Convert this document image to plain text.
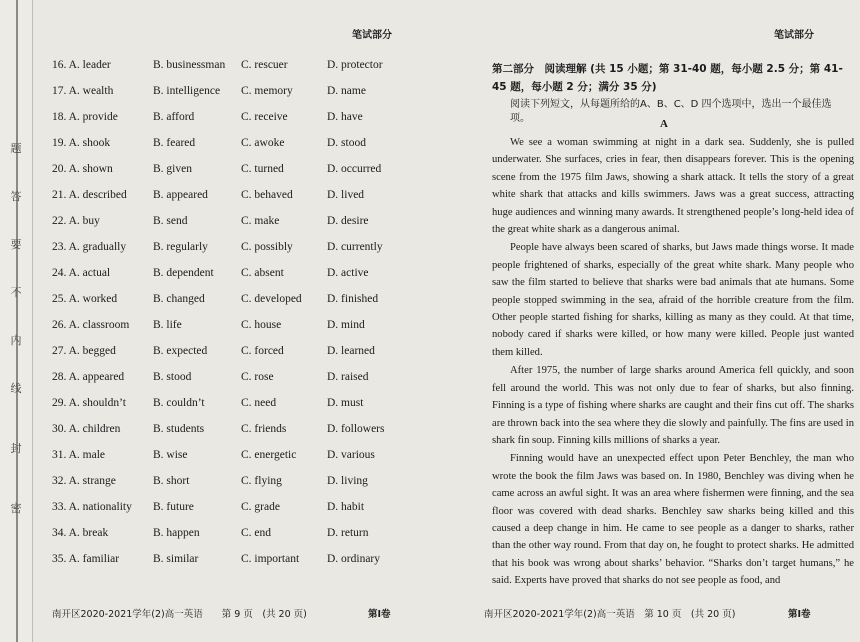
题
答
要
不
内
线
封
密
笔试部分
16. A. leader	B. businessman C. rescuer	D. protector
17. A. wealth	B. intelligence C. memory	D. name
18. A. provide	B. afford	C. receive	D. have
19. A. shook	B. feared	C. awoke	D. stood
20. A. shown	B. given	C. turned	D. occurred
21. A. described B. appeared	C. behaved	D. lived
22. A. buy	B. send	C. make	D. desire
23. A. gradually B. regularly	C. possibly	D. currently
24. A. actual	B. dependent C. absent	D. active
25. A. worked	B. changed	C. developed D. finished
26. A. classroom B. life	C. house	D. mind
27. A. begged	B. expected	C. forced	D. learned
28. A. appeared	B. stood	C. rose	D. raised
29. A. shouldn’t B. couldn’t	C. need	D. must
30. A. children	B. students	C. friends	D. followers
31. A. male	B. wise	C. energetic	D. various
32. A. strange	B. short	C. flying	D. living
33. A. nationality B. future	C. grade	D. habit
34. A. break	B. happen	C. end	D. return
35. A. familiar	B. similar	C. important D. ordinary
南开区2020-2021学年(2)高一英语　　第 9 页　(共 20 页)	第Ⅰ卷
笔试部分
第二部分　阅读理解 (共 15 小题；第 31-40 题，每小题 2.5 分；第 41-45 题，每小题 2 分；满分 35 分)
阅读下列短文，从每题所给的A、B、C、D 四个选项中，选出一个最佳选项。	A

We see a woman swimming at night in a dark sea. Suddenly, she is pulled underwater. She surfaces, cries in fear, then disappears forever. This is the opening scene from the 1975 film Jaws, showing a shark attack. It tells the story of a great white shark that attacks and kills swimmers. Jaws was a great success, attracting huge audiences and winning many awards. It strengthened people’s long-held idea of the great white shark as a dangerous animal.

People have always been scared of sharks, but Jaws made things worse. It made people frightened of sharks, especially of the great white shark. Many people who saw the film started to believe that sharks were bad animals that ate humans. Some people stopped swimming in the sea, afraid of the horrible creature from the film. Other people started fishing for sharks, killing as many as they could. At that time, nobody cared if sharks were killed, or how many were killed. People just wanted them killed.

After 1975, the number of large sharks around America fell quickly, and soon fell around the world. This was not only due to fear of sharks, but also finning. Finning is a type of fishing where sharks are caught and their fins cut off. The sharks are thrown back into the sea where they die slowly and painfully. The fins are used in shark fin soup. Finning kills millions of sharks a year.

Finning would have an unexpected effect upon Peter Benchley, the man who wrote the book the film Jaws was based on. In 1980, Benchley was diving when he came across an awful sight. It was an area where fishermen were finning, and the sea floor was covered with dead sharks. Benchley saw sharks being killed and this caused a deep change in him. He came to see people as a danger to sharks, rather than the other way round. From that day on, he fought to protect sharks. He admitted that his book was wrong about sharks’ behavior. “Sharks don’t target humans,” he said. Experts have proved that sharks do not see people as food, and

南开区2020-2021学年(2)高一英语　第 10 页　(共 20 页)	第Ⅰ卷
